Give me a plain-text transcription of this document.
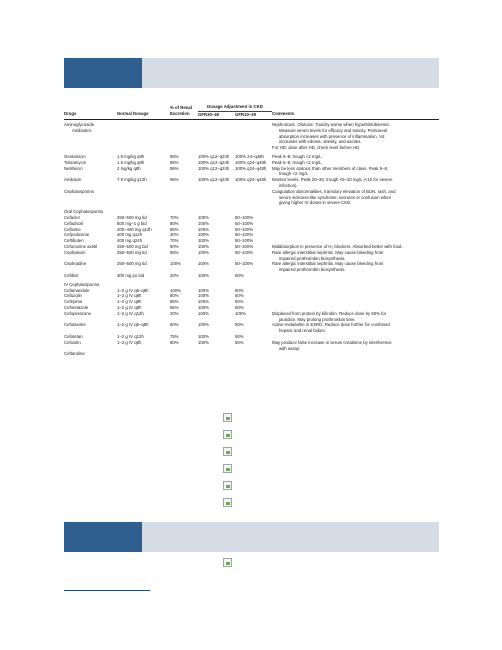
			Dosage Adjustment in CKD		
Drugs	Normal Dosage	% of Renal
Excretion	GFR30–49	GFR10–29	Comments
Aminoglycoside
Antibiotics					Nephrotoxic. Ototoxic. Toxicity worse when hyperbilirubinemic.
Measure serum levels for efficacy and toxicity. Peritoneal
absorption increases with presence of inflammation. Vd
increases with edema, obesity, and ascites.
For HD: dose after HD, check level before HD.

Gentamicin	1.5 mg/kg q8h	95%	100% q12–q24h	100% 24–q48h	Peak 5–8; trough <2 mg/L

Tobramycin	1.5 mg/kg q8h	95%	100% q12–q24h	100% q24–q48h	Peak 5–8, trough <2 mg/L

Netilmicin	2 mg/kg q8h	95%	100% q12–q24h	100% q24–q48h	May be less ototoxic than other members of class. Peak 5–8,
trough <2 mg/L

Amikacin	7.5 mg/kg q12h	95%	100% q12–q24h	100% q24–q48h	Monitor levels. Peak 20–30, trough <5–10 mg/L (<10 for severe
infection).

Cephalosporins					Coagulation abnormalities, transitory elevation of BUN, rash, and
serum sickness-like syndrome; seizures or confusion when
giving higher IV doses in severe CKD.

Oral Cephalosporins					
Cefaclor	250–500 mg tid	70%	100%	50–100%	
Cefadroxil	500 mg–1 g bid	80%	100%	50–100%	
Cefixime	200–400 mg q12h	85%	100%	50–100%	
Cefpodoxime	200 mg q12h	30%	100%	50–100%	
Ceftibuten	400 mg q24h	70%	100%	50–100%	
Cefuroxime axetil	250–500 mg bid	90%	100%	50–100%	Malabsorption in presence of H₂ blockers. Absorbed better with food.

Cephalexin	250–500 mg tid	95%	100%	50–100%	Rare allergic interstitial nephritis. May cause bleeding from
impaired prothrombin biosynthesis.

Cephradine	250–500 mg tid	100%	100%	50–100%	Rare allergic interstitial nephritis. May cause bleeding from
impaired prothrombin biosynthesis.

Cefdinir	300 mg po bid	20%	100%	50%	
IV Cephalosporins					
Cefamandole	1–2 g IV q6–q8h	100%	100%	50%	
Cefazolin	1–2 g IV q8h	80%	100%	50%	
Cefepime	1–2 g IV q8h	85%	100%	50%	
Cefmetazole	1–2 g IV q8h	85%	100%	50%	
Cefoperazone	1–2 g IV q12h	20%	100%	100%	Displaced from protein by bilirubin. Reduce dose by 50% for
jaundice. May prolong prothrombin time.

Cefotaxime	1–2 g IV q6–q8h	60%	100%	50%	Active metabolite in ESRD. Reduce dose further for combined
hepatic and renal failure.

Cefotetan	1–2 g IV q12h	75%	100%	50%	
Cefoxitin	1–2 g IV q6h	80%	100%	50%	May produce false increase in serum creatinine by interference
with assay.

Ceftaroline					
